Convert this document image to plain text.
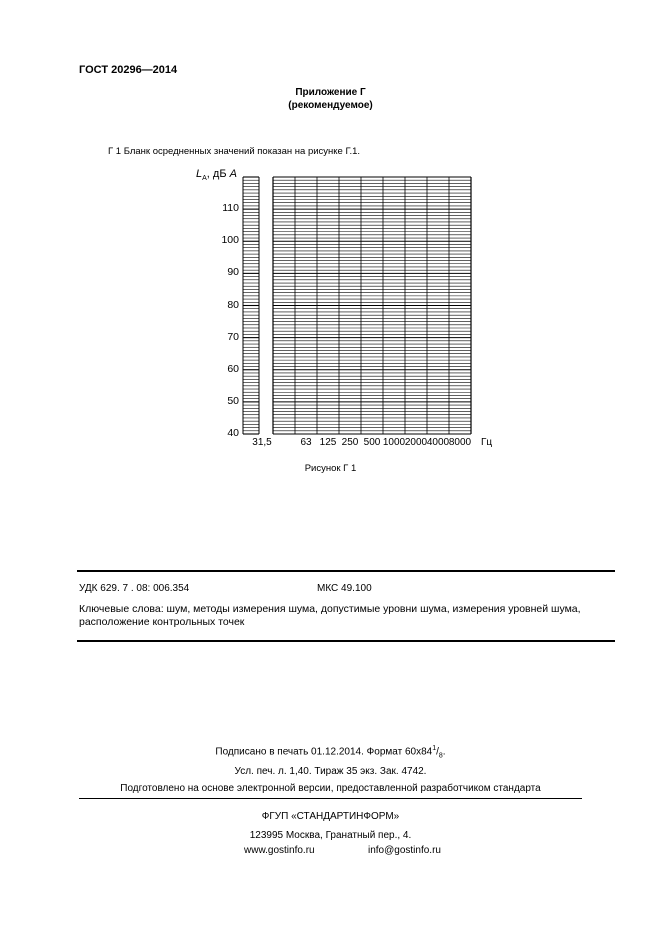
ГОСТ 20296—2014
Приложение Г
(рекомендуемое)
Г 1 Бланк осредненных значений показан на рисунке Г.1.
$L_A$, дБ А
40
50
60
70
80
90
100
110
31,5	63 125 250 500 1000 2000 4000 8000 Гц
Рисунок Г 1
УДК 629. 7 . 08: 006.354	МКС 49.100
Ключевые слова: шум, методы измерения шума, допустимые уровни шума, измерения уровней шума, расположение контрольных точек
Подписано в печать 01.12.2014. Формат $60x84^1/_8$.
Усл. печ. л. 1,40. Тираж 35 экз. Зак. 4742.
Подготовлено на основе электронной версии, предоставленной разработчиком стандарта
ФГУП «СТАНДАРТИНФОРМ»
123995 Москва, Гранатный пер., 4.
www.gostinfo.ru	info@gostinfo.ru
